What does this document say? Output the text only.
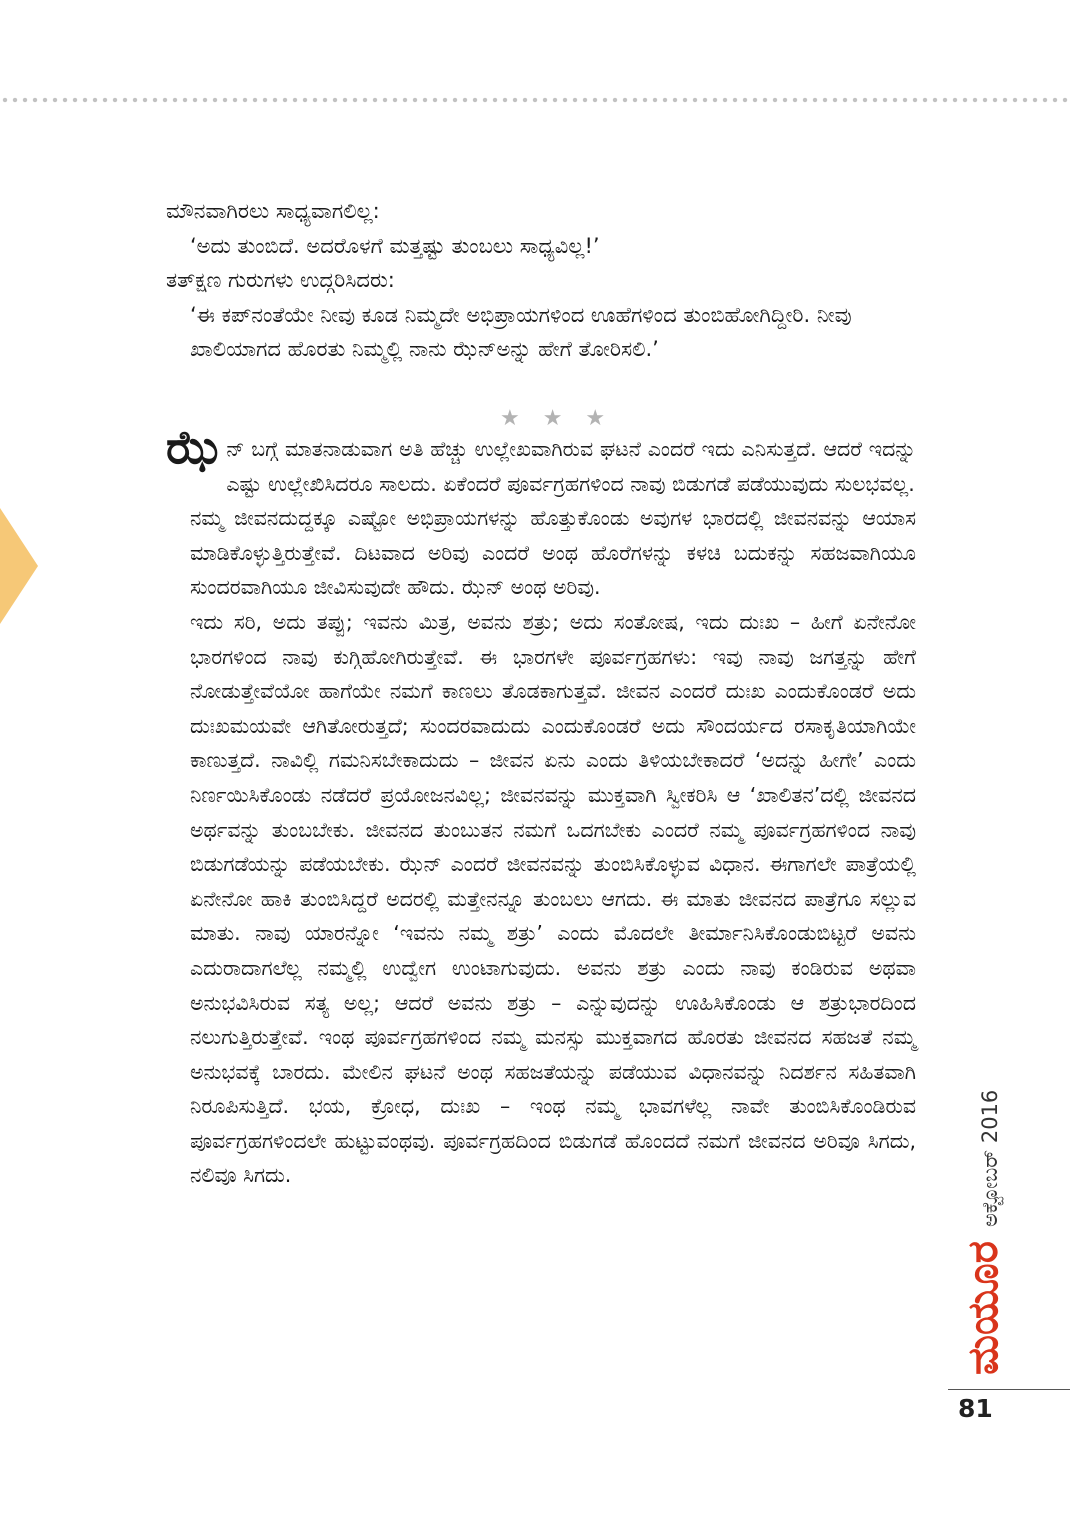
ಮೌನವಾಗಿರಲು ಸಾಧ್ಯವಾಗಲಿಲ್ಲ:

‘ಅದು ತುಂಬಿದೆ. ಅದರೊಳಗೆ ಮತ್ತಷ್ಟು ತುಂಬಲು ಸಾಧ್ಯವಿಲ್ಲ!’

ತತ್‌ಕ್ಷಣ ಗುರುಗಳು ಉದ್ಗರಿಸಿದರು:

‘ಈ ಕಪ್‌ನಂತೆಯೇ ನೀವು ಕೂಡ ನಿಮ್ಮದೇ ಅಭಿಪ್ರಾಯಗಳಿಂದ ಊಹೆಗಳಿಂದ ತುಂಬಿಹೋಗಿದ್ದೀರಿ. ನೀವು ಖಾಲಿಯಾಗದ ಹೊರತು ನಿಮ್ಮಲ್ಲಿ ನಾನು ಝೆನ್‌ಅನ್ನು ಹೇಗೆ ತೋರಿಸಲಿ.’

★ ★ ★

ಝೆನ್ ಬಗ್ಗೆ ಮಾತನಾಡುವಾಗ ಅತಿ ಹೆಚ್ಚು ಉಲ್ಲೇಖವಾಗಿರುವ ಘಟನೆ ಎಂದರೆ ಇದು ಎನಿಸುತ್ತದೆ. ಆದರೆ ಇದನ್ನು ಎಷ್ಟು ಉಲ್ಲೇಖಿಸಿದರೂ ಸಾಲದು. ಏಕೆಂದರೆ ಪೂರ್ವಗ್ರಹಗಳಿಂದ ನಾವು ಬಿಡುಗಡೆ ಪಡೆಯುವುದು ಸುಲಭವಲ್ಲ.

ನಮ್ಮ ಜೀವನದುದ್ದಕ್ಕೂ ಎಷ್ಟೋ ಅಭಿಪ್ರಾಯಗಳನ್ನು ಹೊತ್ತುಕೊಂಡು ಅವುಗಳ ಭಾರದಲ್ಲಿ ಜೀವನವನ್ನು ಆಯಾಸ ಮಾಡಿಕೊಳ್ಳುತ್ತಿರುತ್ತೇವೆ. ದಿಟವಾದ ಅರಿವು ಎಂದರೆ ಅಂಥ ಹೊರೆಗಳನ್ನು ಕಳಚಿ ಬದುಕನ್ನು ಸಹಜವಾಗಿಯೂ ಸುಂದರವಾಗಿಯೂ ಜೀವಿಸುವುದೇ ಹೌದು. ಝೆನ್ ಅಂಥ ಅರಿವು.

ಇದು ಸರಿ, ಅದು ತಪ್ಪು; ಇವನು ಮಿತ್ರ, ಅವನು ಶತ್ರು; ಅದು ಸಂತೋಷ, ಇದು ದುಃಖ – ಹೀಗೆ ಏನೇನೋ ಭಾರಗಳಿಂದ ನಾವು ಕುಗ್ಗಿಹೋಗಿರುತ್ತೇವೆ. ಈ ಭಾರಗಳೇ ಪೂರ್ವಗ್ರಹಗಳು: ಇವು ನಾವು ಜಗತ್ತನ್ನು ಹೇಗೆ ನೋಡುತ್ತೇವೆಯೋ ಹಾಗೆಯೇ ನಮಗೆ ಕಾಣಲು ತೊಡಕಾಗುತ್ತವೆ. ಜೀವನ ಎಂದರೆ ದುಃಖ ಎಂದುಕೊಂಡರೆ ಅದು ದುಃಖಮಯವೇ ಆಗಿತೋರುತ್ತದೆ; ಸುಂದರವಾದುದು ಎಂದುಕೊಂಡರೆ ಅದು ಸೌಂದರ್ಯದ ರಸಾಕೃತಿಯಾಗಿಯೇ ಕಾಣುತ್ತದೆ. ನಾವಿಲ್ಲಿ ಗಮನಿಸಬೇಕಾದುದು – ಜೀವನ ಏನು ಎಂದು ತಿಳಿಯಬೇಕಾದರೆ ‘ಅದನ್ನು ಹೀಗೇ’ ಎಂದು ನಿರ್ಣಯಿಸಿಕೊಂಡು ನಡೆದರೆ ಪ್ರಯೋಜನವಿಲ್ಲ; ಜೀವನವನ್ನು ಮುಕ್ತವಾಗಿ ಸ್ವೀಕರಿಸಿ ಆ ‘ಖಾಲಿತನ’ದಲ್ಲಿ ಜೀವನದ ಅರ್ಥವನ್ನು ತುಂಬಬೇಕು. ಜೀವನದ ತುಂಬುತನ ನಮಗೆ ಒದಗಬೇಕು ಎಂದರೆ ನಮ್ಮ ಪೂರ್ವಗ್ರಹಗಳಿಂದ ನಾವು ಬಿಡುಗಡೆಯನ್ನು ಪಡೆಯಬೇಕು. ಝೆನ್ ಎಂದರೆ ಜೀವನವನ್ನು ತುಂಬಿಸಿಕೊಳ್ಳುವ ವಿಧಾನ. ಈಗಾಗಲೇ ಪಾತ್ರೆಯಲ್ಲಿ ಏನೇನೋ ಹಾಕಿ ತುಂಬಿಸಿದ್ದರೆ ಅದರಲ್ಲಿ ಮತ್ತೇನನ್ನೂ ತುಂಬಲು ಆಗದು. ಈ ಮಾತು ಜೀವನದ ಪಾತ್ರೆಗೂ ಸಲ್ಲುವ ಮಾತು. ನಾವು ಯಾರನ್ನೋ ‘ಇವನು ನಮ್ಮ ಶತ್ರು’ ಎಂದು ಮೊದಲೇ ತೀರ್ಮಾನಿಸಿಕೊಂಡುಬಿಟ್ಟರೆ ಅವನು ಎದುರಾದಾಗಲೆಲ್ಲ ನಮ್ಮಲ್ಲಿ ಉದ್ವೇಗ ಉಂಟಾಗುವುದು. ಅವನು ಶತ್ರು ಎಂದು ನಾವು ಕಂಡಿರುವ ಅಥವಾ ಅನುಭವಿಸಿರುವ ಸತ್ಯ ಅಲ್ಲ; ಆದರೆ ಅವನು ಶತ್ರು – ಎನ್ನುವುದನ್ನು ಊಹಿಸಿಕೊಂಡು ಆ ಶತ್ರುಭಾರದಿಂದ ನಲುಗುತ್ತಿರುತ್ತೇವೆ. ಇಂಥ ಪೂರ್ವಗ್ರಹಗಳಿಂದ ನಮ್ಮ ಮನಸ್ಸು ಮುಕ್ತವಾಗದ ಹೊರತು ಜೀವನದ ಸಹಜತೆ ನಮ್ಮ ಅನುಭವಕ್ಕೆ ಬಾರದು. ಮೇಲಿನ ಘಟನೆ ಅಂಥ ಸಹಜತೆಯನ್ನು ಪಡೆಯುವ ವಿಧಾನವನ್ನು ನಿದರ್ಶನ ಸಹಿತವಾಗಿ ನಿರೂಪಿಸುತ್ತಿದೆ. ಭಯ, ಕ್ರೋಧ, ದುಃಖ – ಇಂಥ ನಮ್ಮ ಭಾವಗಳೆಲ್ಲ ನಾವೇ ತುಂಬಿಸಿಕೊಂಡಿರುವ ಪೂರ್ವಗ್ರಹಗಳಿಂದಲೇ ಹುಟ್ಟುವಂಥವು. ಪೂರ್ವಗ್ರಹದಿಂದ ಬಿಡುಗಡೆ ಹೊಂದದೆ ನಮಗೆ ಜೀವನದ ಅರಿವೂ ಸಿಗದು, ನಲಿವೂ ಸಿಗದು.

ಮಯೂರ
ಅಕ್ಟೋಬರ್ 2016
81
